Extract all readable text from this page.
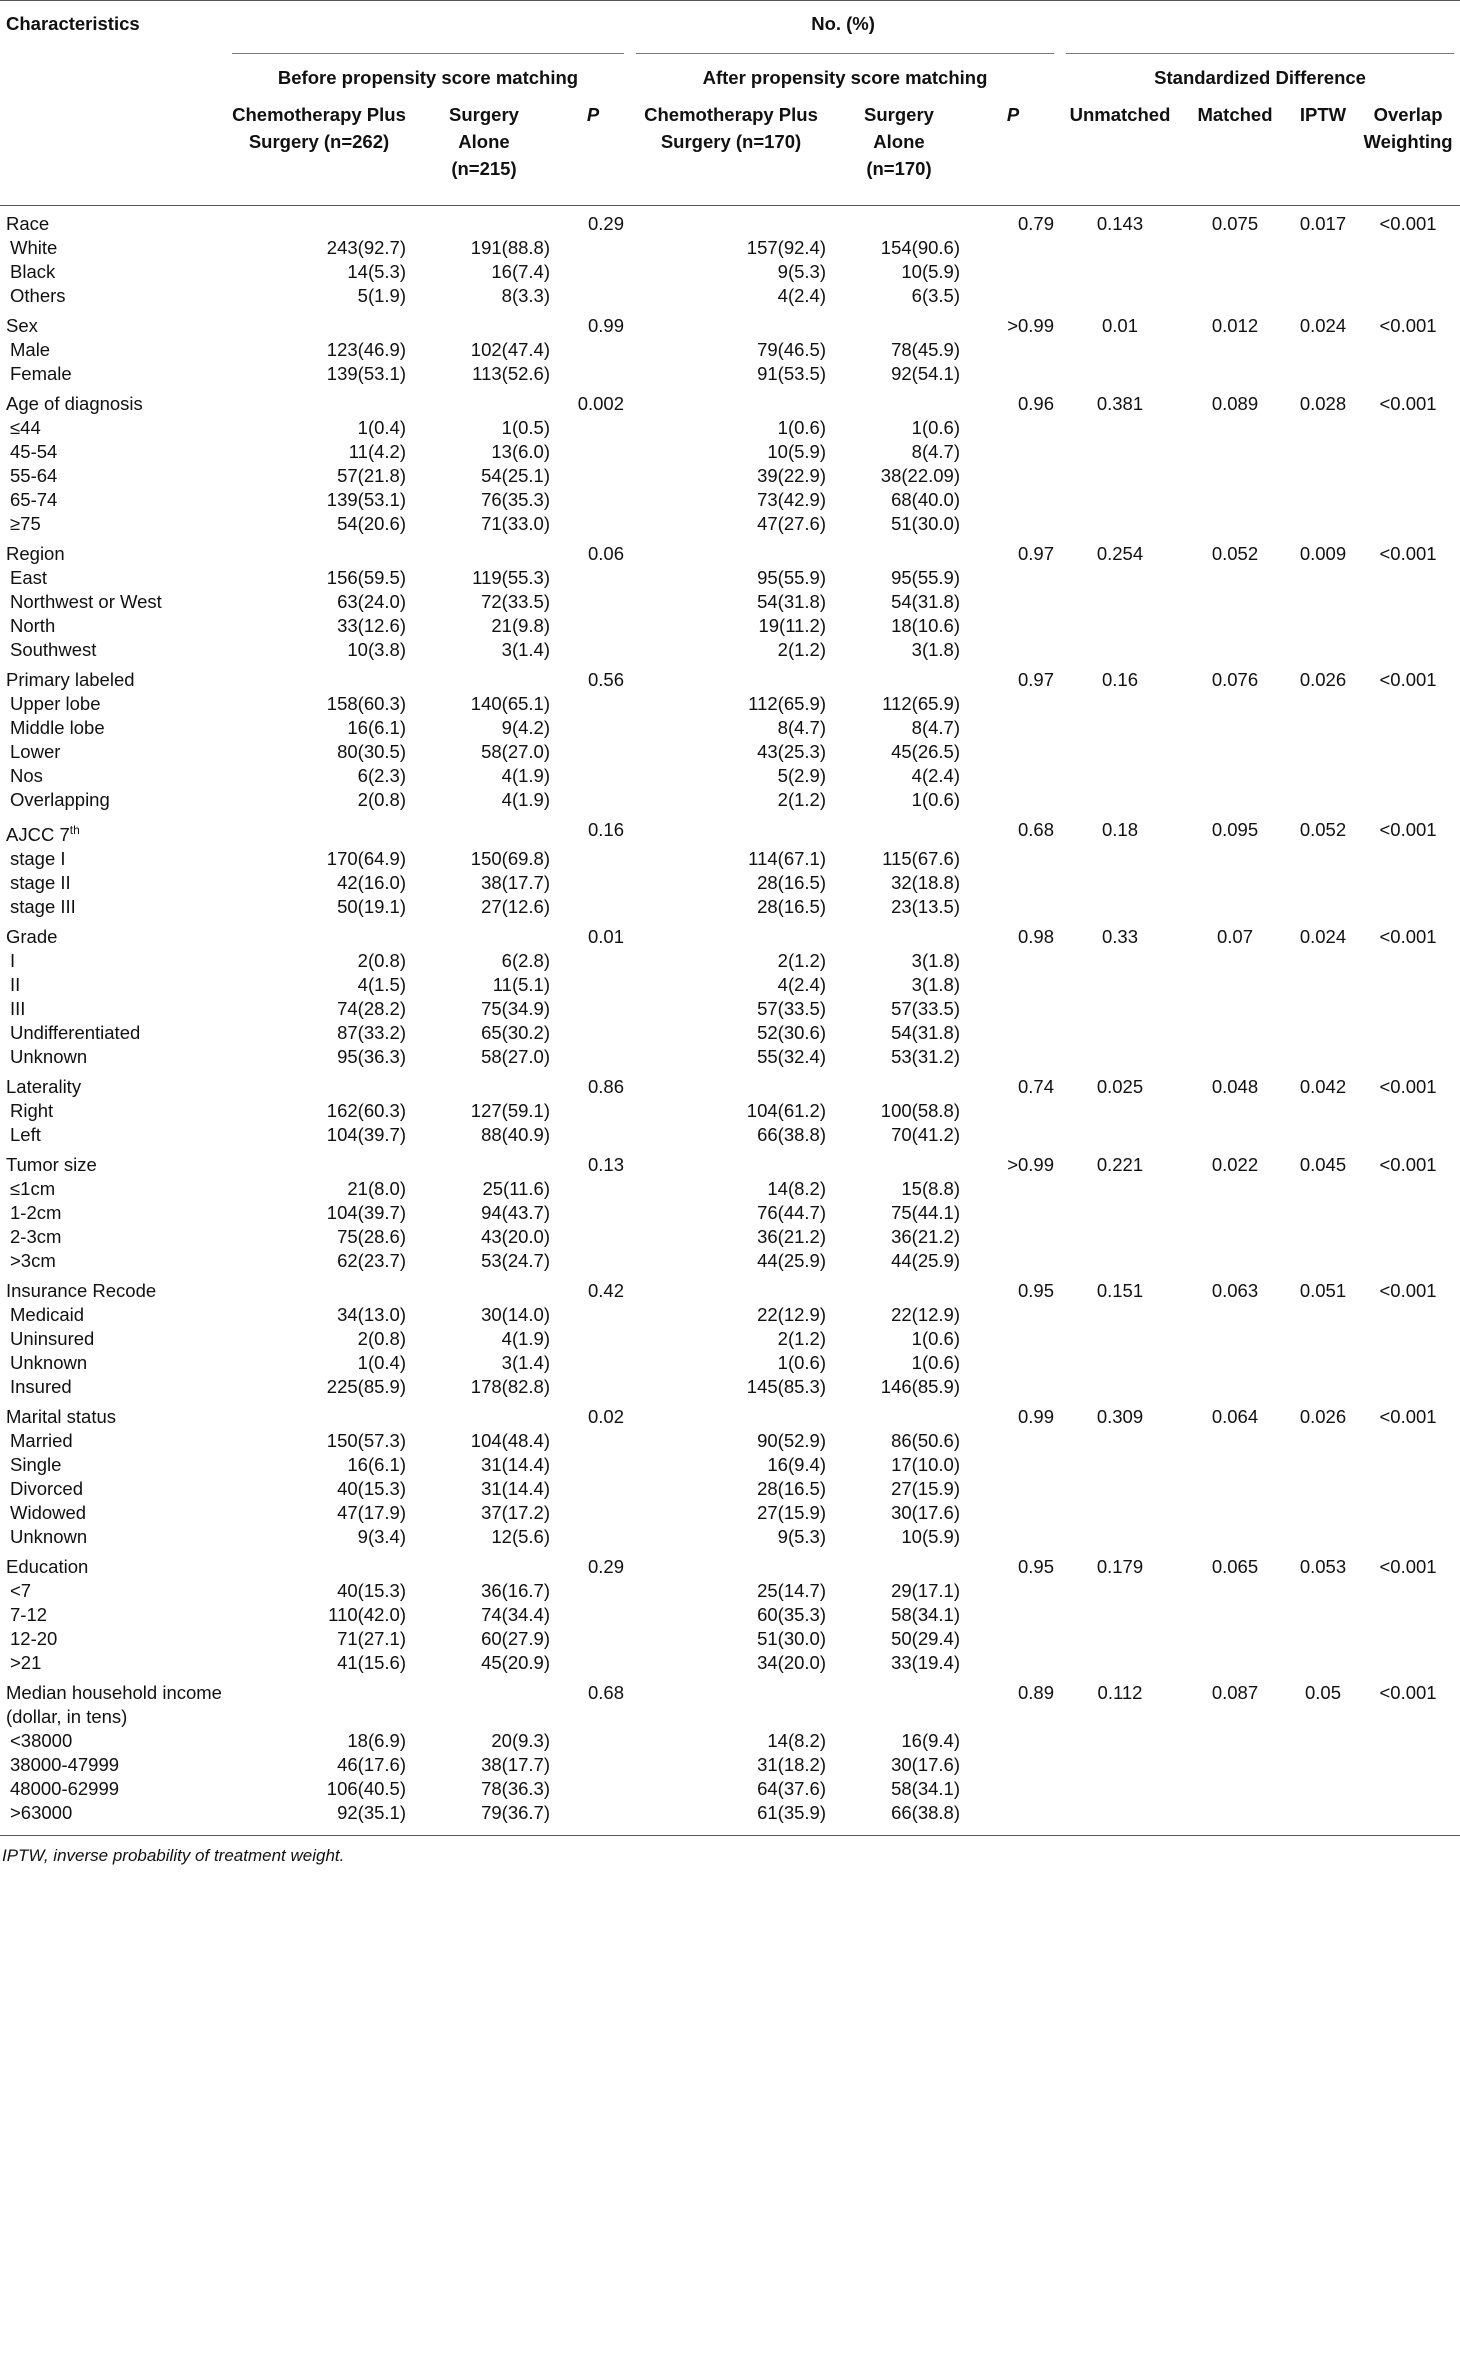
Characteristics	No. (%)									

	Before propensity score matching			After propensity score matching			Standardized Difference			

	Chemotherapy Plus
Surgery (n=262)	Surgery
Alone
(n=215)	P	Chemotherapy Plus
Surgery (n=170)	Surgery
Alone
(n=170)	P	Unmatched	Matched	IPTW	Overlap
Weighting
Race			0.29			0.79	0.143	0.075	0.017	<0.001
White	243(92.7)	191(88.8)		157(92.4)	154(90.6)					
Black	14(5.3)	16(7.4)		9(5.3)	10(5.9)					
Others	5(1.9)	8(3.3)		4(2.4)	6(3.5)					
Sex			0.99			>0.99	0.01	0.012	0.024	<0.001
Male	123(46.9)	102(47.4)		79(46.5)	78(45.9)					
Female	139(53.1)	113(52.6)		91(53.5)	92(54.1)					
Age of diagnosis			0.002			0.96	0.381	0.089	0.028	<0.001
≤44	1(0.4)	1(0.5)		1(0.6)	1(0.6)					
45-54	11(4.2)	13(6.0)		10(5.9)	8(4.7)					
55-64	57(21.8)	54(25.1)		39(22.9)	38(22.09)					
65-74	139(53.1)	76(35.3)		73(42.9)	68(40.0)					
≥75	54(20.6)	71(33.0)		47(27.6)	51(30.0)					
Region			0.06			0.97	0.254	0.052	0.009	<0.001
East	156(59.5)	119(55.3)		95(55.9)	95(55.9)					
Northwest or West	63(24.0)	72(33.5)		54(31.8)	54(31.8)					
North	33(12.6)	21(9.8)		19(11.2)	18(10.6)					
Southwest	10(3.8)	3(1.4)		2(1.2)	3(1.8)					
Primary labeled			0.56			0.97	0.16	0.076	0.026	<0.001
Upper lobe	158(60.3)	140(65.1)		112(65.9)	112(65.9)					
Middle lobe	16(6.1)	9(4.2)		8(4.7)	8(4.7)					
Lower	80(30.5)	58(27.0)		43(25.3)	45(26.5)					
Nos	6(2.3)	4(1.9)		5(2.9)	4(2.4)					
Overlapping	2(0.8)	4(1.9)		2(1.2)	1(0.6)					
AJCC 7th			0.16			0.68	0.18	0.095	0.052	<0.001
stage I	170(64.9)	150(69.8)		114(67.1)	115(67.6)					
stage II	42(16.0)	38(17.7)		28(16.5)	32(18.8)					
stage III	50(19.1)	27(12.6)		28(16.5)	23(13.5)					
Grade			0.01			0.98	0.33	0.07	0.024	<0.001
I	2(0.8)	6(2.8)		2(1.2)	3(1.8)					
II	4(1.5)	11(5.1)		4(2.4)	3(1.8)					
III	74(28.2)	75(34.9)		57(33.5)	57(33.5)					
Undifferentiated	87(33.2)	65(30.2)		52(30.6)	54(31.8)					
Unknown	95(36.3)	58(27.0)		55(32.4)	53(31.2)					
Laterality			0.86			0.74	0.025	0.048	0.042	<0.001
Right	162(60.3)	127(59.1)		104(61.2)	100(58.8)					
Left	104(39.7)	88(40.9)		66(38.8)	70(41.2)					
Tumor size			0.13			>0.99	0.221	0.022	0.045	<0.001
≤1cm	21(8.0)	25(11.6)		14(8.2)	15(8.8)					
1-2cm	104(39.7)	94(43.7)		76(44.7)	75(44.1)					
2-3cm	75(28.6)	43(20.0)		36(21.2)	36(21.2)					
>3cm	62(23.7)	53(24.7)		44(25.9)	44(25.9)					
Insurance Recode			0.42			0.95	0.151	0.063	0.051	<0.001
Medicaid	34(13.0)	30(14.0)		22(12.9)	22(12.9)					
Uninsured	2(0.8)	4(1.9)		2(1.2)	1(0.6)					
Unknown	1(0.4)	3(1.4)		1(0.6)	1(0.6)					
Insured	225(85.9)	178(82.8)		145(85.3)	146(85.9)					
Marital status			0.02			0.99	0.309	0.064	0.026	<0.001
Married	150(57.3)	104(48.4)		90(52.9)	86(50.6)					
Single	16(6.1)	31(14.4)		16(9.4)	17(10.0)					
Divorced	40(15.3)	31(14.4)		28(16.5)	27(15.9)					
Widowed	47(17.9)	37(17.2)		27(15.9)	30(17.6)					
Unknown	9(3.4)	12(5.6)		9(5.3)	10(5.9)					
Education			0.29			0.95	0.179	0.065	0.053	<0.001
<7	40(15.3)	36(16.7)		25(14.7)	29(17.1)					
7-12	110(42.0)	74(34.4)		60(35.3)	58(34.1)					
12-20	71(27.1)	60(27.9)		51(30.0)	50(29.4)					
>21	41(15.6)	45(20.9)		34(20.0)	33(19.4)					
Median household income (dollar, in tens)			0.68			0.89	0.112	0.087	0.05	<0.001
<38000	18(6.9)	20(9.3)		14(8.2)	16(9.4)					
38000-47999	46(17.6)	38(17.7)		31(18.2)	30(17.6)					
48000-62999	106(40.5)	78(36.3)		64(37.6)	58(34.1)					
>63000	92(35.1)	79(36.7)		61(35.9)	66(38.8)					
IPTW, inverse probability of treatment weight.
